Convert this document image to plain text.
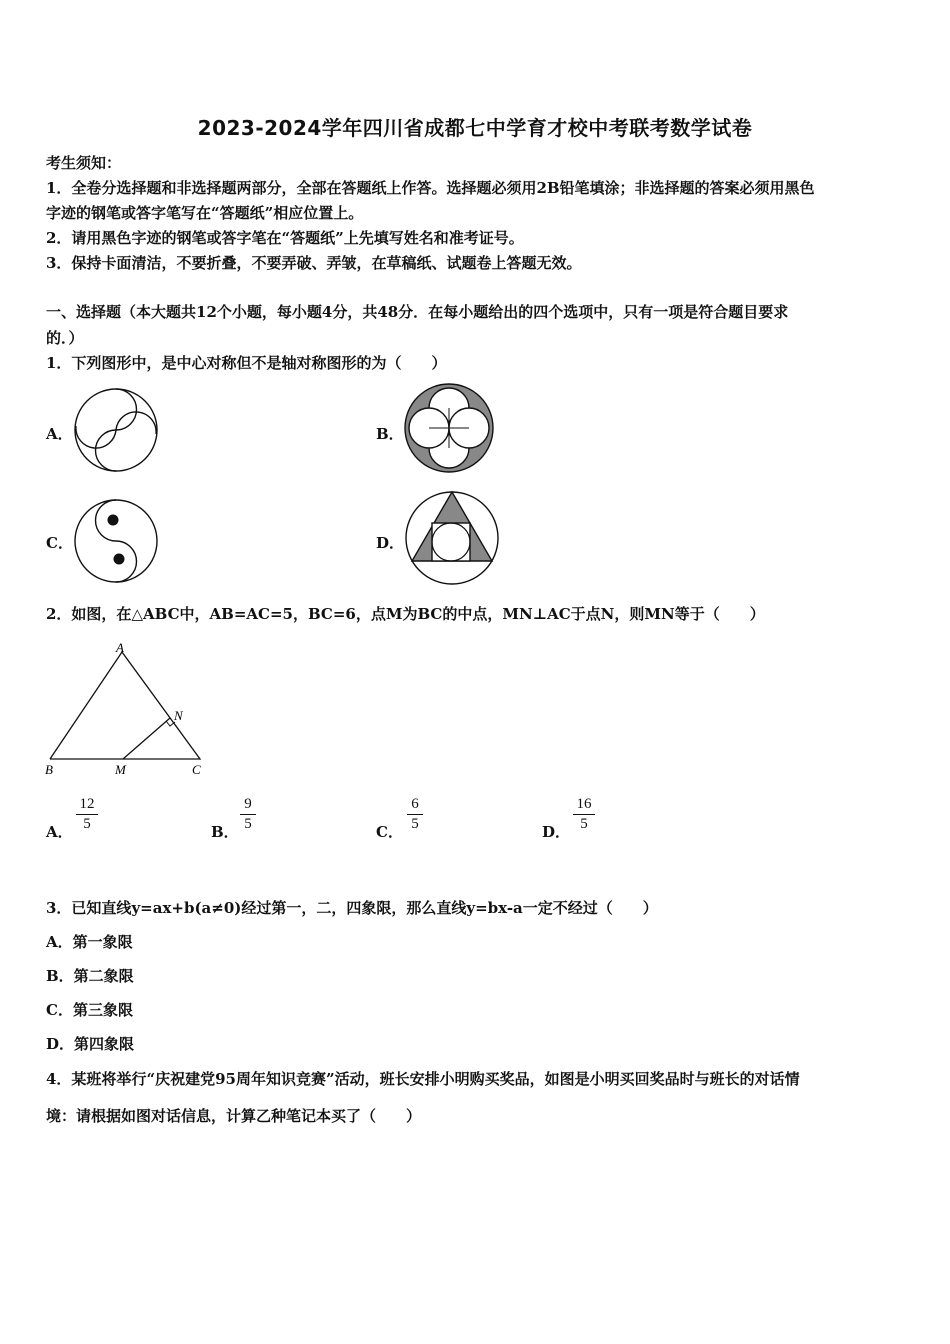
2023-2024学年四川省成都七中学育才校中考联考数学试卷
考生须知：
1．全卷分选择题和非选择题两部分，全部在答题纸上作答。选择题必须用2B铅笔填涂；非选择题的答案必须用黑色
字迹的钢笔或答字笔写在“答题纸”相应位置上。
2．请用黑色字迹的钢笔或答字笔在“答题纸”上先填写姓名和准考证号。
3．保持卡面清洁，不要折叠，不要弄破、弄皱，在草稿纸、试题卷上答题无效。
一、选择题（本大题共12个小题，每小题4分，共48分．在每小题给出的四个选项中，只有一项是符合题目要求
的．）
1．下列图形中，是中心对称但不是轴对称图形的为（　　）
A．	B．
C．	D．
2．如图，在△ABC中，AB=AC=5，BC=6，点M为BC的中点，MN⊥AC于点N，则MN等于（　　）
A
B	C
M
N
A．
12
5	B．
9
5	C．
6
5	D．
16
5
3．已知直线y=ax+b(a≠0)经过第一，二，四象限，那么直线y=bx-a一定不经过（　　）
A．第一象限
B．第二象限
C．第三象限
D．第四象限
4．某班将举行“庆祝建党95周年知识竞赛”活动，班长安排小明购买奖品，如图是小明买回奖品时与班长的对话情
境：请根据如图对话信息，计算乙种笔记本买了（　　）
